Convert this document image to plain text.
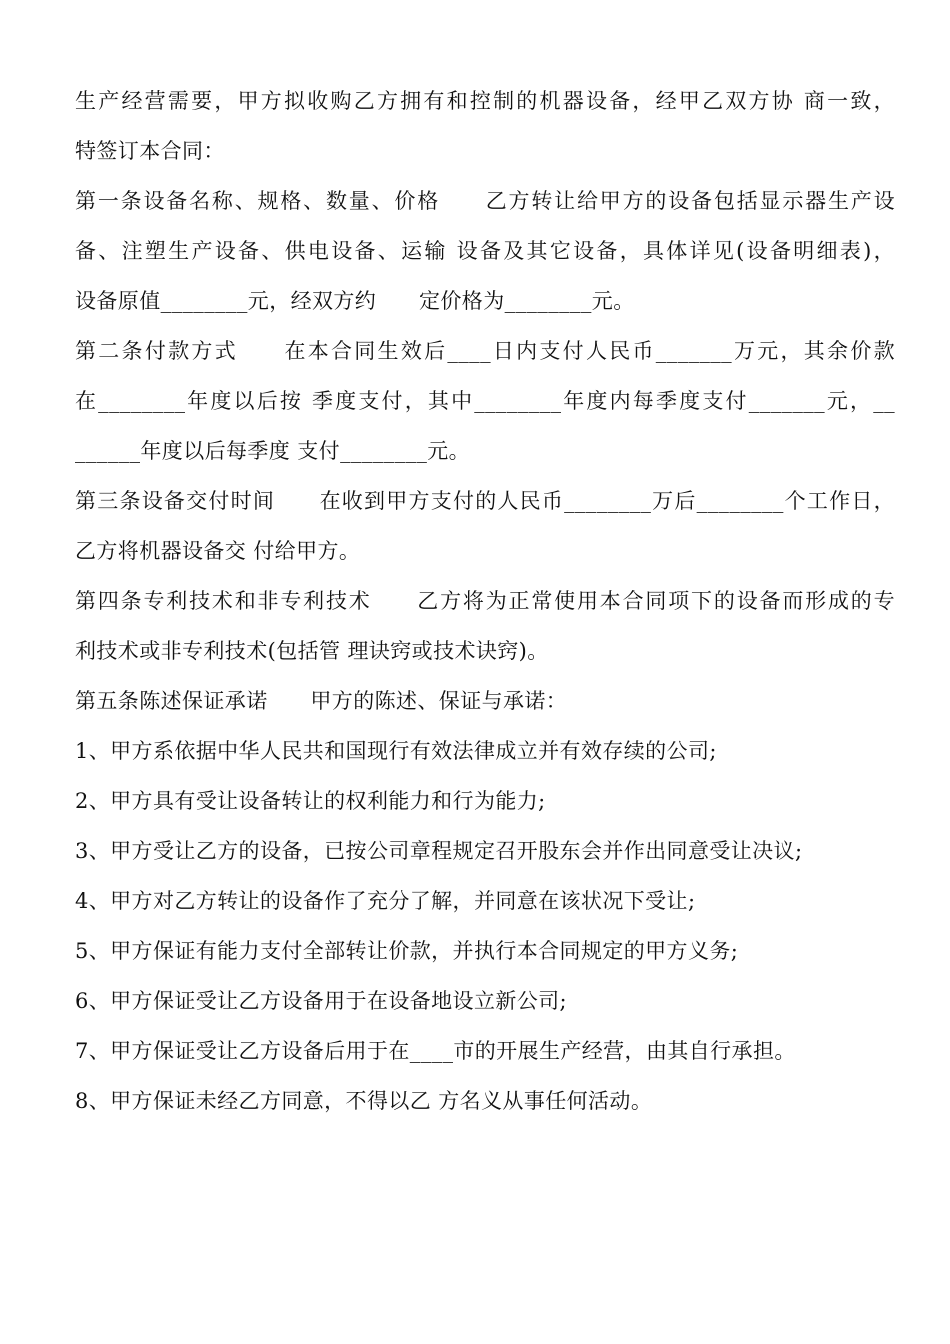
生产经营需要，甲方拟收购乙方拥有和控制的机器设备，经甲乙双方协 商一致，
特签订本合同：
第一条设备名称、规格、数量、价格　　乙方转让给甲方的设备包括显示器生产设
备、注塑生产设备、供电设备、运输 设备及其它设备，具体详见(设备明细表)，
设备原值________元，经双方约　　定价格为________元。
第二条付款方式　　在本合同生效后____日内支付人民币_______万元，其余价款
在________年度以后按 季度支付，其中________年度内每季度支付_______元，__
______年度以后每季度 支付________元。
第三条设备交付时间　　在收到甲方支付的人民币________万后________个工作日，
乙方将机器设备交 付给甲方。
第四条专利技术和非专利技术　　乙方将为正常使用本合同项下的设备而形成的专
利技术或非专利技术(包括管 理诀窍或技术诀窍)。
第五条陈述保证承诺　　甲方的陈述、保证与承诺：
1、甲方系依据中华人民共和国现行有效法律成立并有效存续的公司;
2、甲方具有受让设备转让的权利能力和行为能力;
3、甲方受让乙方的设备，已按公司章程规定召开股东会并作出同意受让决议;
4、甲方对乙方转让的设备作了充分了解，并同意在该状况下受让;
5、甲方保证有能力支付全部转让价款，并执行本合同规定的甲方义务;
6、甲方保证受让乙方设备用于在设备地设立新公司;
7、甲方保证受让乙方设备后用于在____市的开展生产经营，由其自行承担。
8、甲方保证未经乙方同意，不得以乙 方名义从事任何活动。
